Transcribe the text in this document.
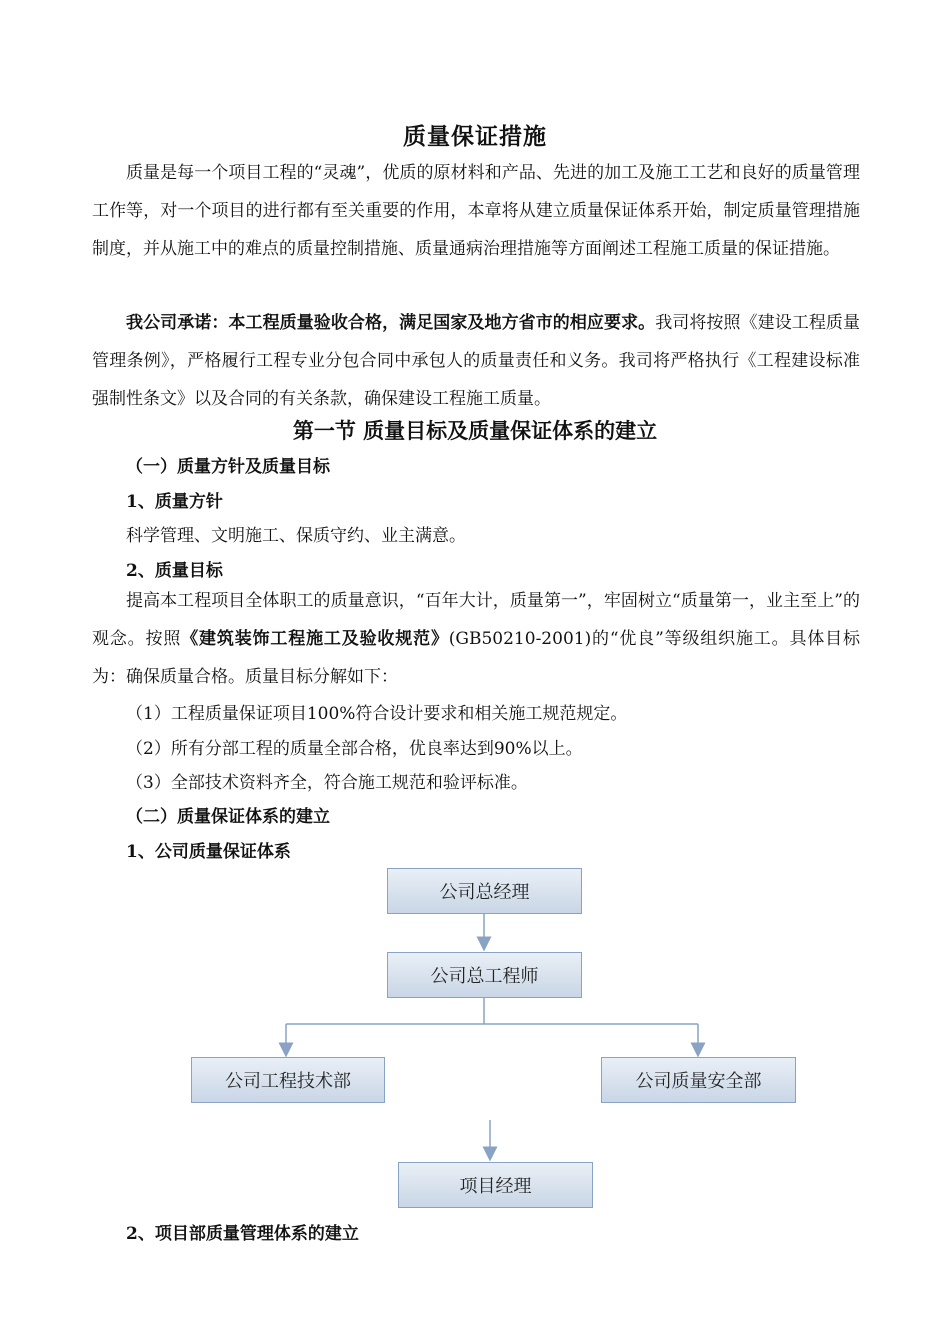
质量保证措施

质量是每一个项目工程的“灵魂”，优质的原材料和产品、先进的加工及施工工艺和良好的质量管理工作等，对一个项目的进行都有至关重要的作用，本章将从建立质量保证体系开始，制定质量管理措施制度，并从施工中的难点的质量控制措施、质量通病治理措施等方面阐述工程施工质量的保证措施。

我公司承诺：本工程质量验收合格，满足国家及地方省市的相应要求。我司将按照《建设工程质量管理条例》，严格履行工程专业分包合同中承包人的质量责任和义务。我司将严格执行《工程建设标准强制性条文》以及合同的有关条款，确保建设工程施工质量。

第一节 质量目标及质量保证体系的建立

（一）质量方针及质量目标

1、质量方针

科学管理、文明施工、保质守约、业主满意。

2、质量目标

提高本工程项目全体职工的质量意识，“百年大计，质量第一”，牢固树立“质量第一，业主至上”的观念。按照《建筑装饰工程施工及验收规范》(GB50210-2001)的“优良”等级组织施工。具体目标为：确保质量合格。质量目标分解如下：

（1）工程质量保证项目100%符合设计要求和相关施工规范规定。

（2）所有分部工程的质量全部合格，优良率达到90%以上。

（3）全部技术资料齐全，符合施工规范和验评标准。

（二）质量保证体系的建立

1、公司质量保证体系

公司总经理
公司总工程师
公司工程技术部	公司质量安全部
项目经理

2、项目部质量管理体系的建立
